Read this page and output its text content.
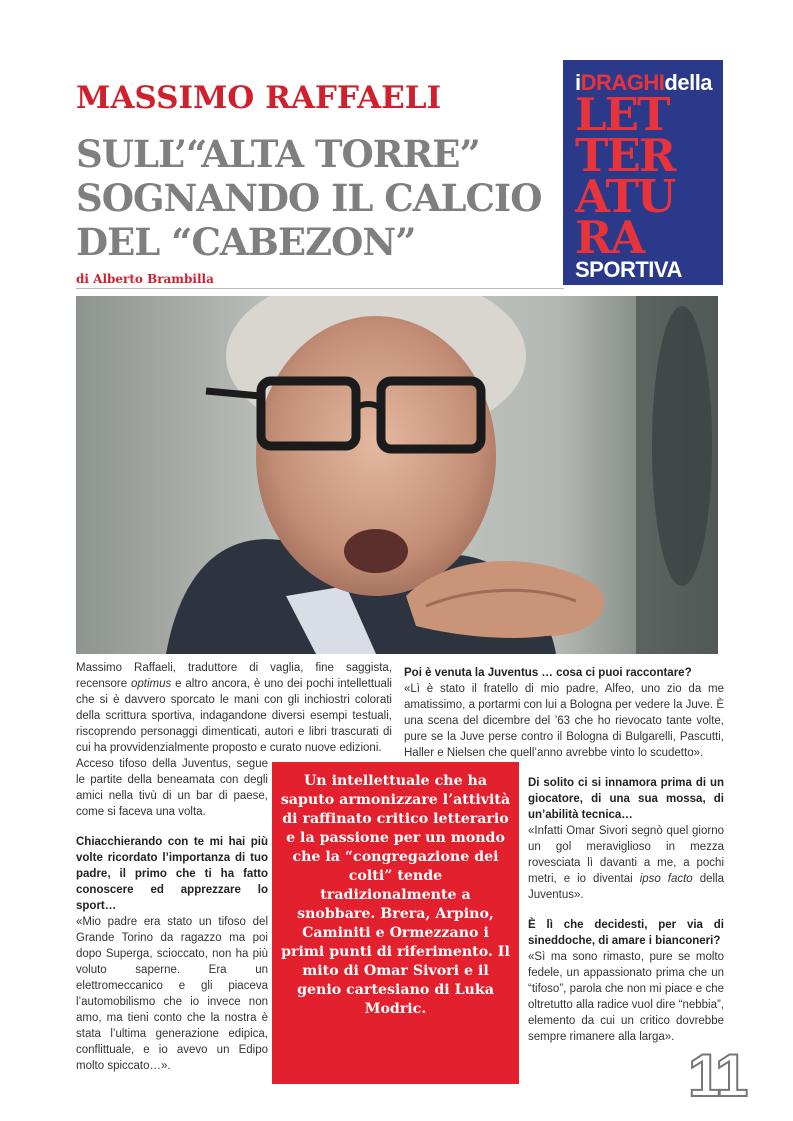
MASSIMO RAFFAELI
SULL’“ALTA TORRE”
SOGNANDO IL CALCIO
DEL “CABEZON”
di Alberto Brambilla
iDRAGHIdella
LET
TER
ATU
RA
SPORTIVA

Massimo Raffaeli, traduttore di vaglia, fine saggista, recensore optimus e altro ancora, è uno dei pochi intellettuali che si è davvero sporcato le mani con gli inchiostri colorati della scrittura sportiva, indagandone diversi esempi testuali, riscoprendo personaggi dimenticati, autori e libri trascurati di cui ha provvidenzialmente proposto e curato nuove edizioni.

Acceso tifoso della Juventus, segue le partite della beneamata con degli amici nella tivù di un bar di paese, come si faceva una volta.

Chiacchierando con te mi hai più volte ricordato l’importanza di tuo padre, il primo che ti ha fatto conoscere ed apprezzare lo sport…

«Mio padre era stato un tifoso del Grande Torino da ragazzo ma poi dopo Superga, scioccato, non ha più voluto saperne. Era un elettromeccanico e gli piaceva l’automobilismo che io invece non amo, ma tieni conto che la nostra è stata l’ultima generazione edipica, conflittuale, e io avevo un Edipo molto spiccato…».

Poi è venuta la Juventus … cosa ci puoi raccontare?

«Lì è stato il fratello di mio padre, Alfeo, uno zio da me amatissimo, a portarmi con lui a Bologna per vedere la Juve. È una scena del dicembre del ’63 che ho rievocato tante volte, pure se la Juve perse contro il Bologna di Bulgarelli, Pascutti, Haller e Nielsen che quell’anno avrebbe vinto lo scudetto».

Di solito ci si innamora prima di un giocatore, di una sua mossa, di un’abilità tecnica…

«Infatti Omar Sivori segnò quel giorno un gol meraviglioso in mezza rovesciata lì davanti a me, a pochi metri, e io diventai ipso facto della Juventus».

È lì che decidesti, per via di sineddoche, di amare i bianconeri?

«Sì ma sono rimasto, pure se molto fedele, un appassionato prima che un “tifoso”, parola che non mi piace e che oltretutto alla radice vuol dire “nebbia”, elemento da cui un critico dovrebbe sempre rimanere alla larga».

Un intellettuale che ha saputo armonizzare l’attività di raffinato critico letterario e la passione per un mondo che la “congregazione dei colti” tende tradizionalmente a snobbare. Brera, Arpino, Caminiti e Ormezzano i primi punti di riferimento. Il mito di Omar Sivori e il genio cartesiano di Luka Modric.
11
